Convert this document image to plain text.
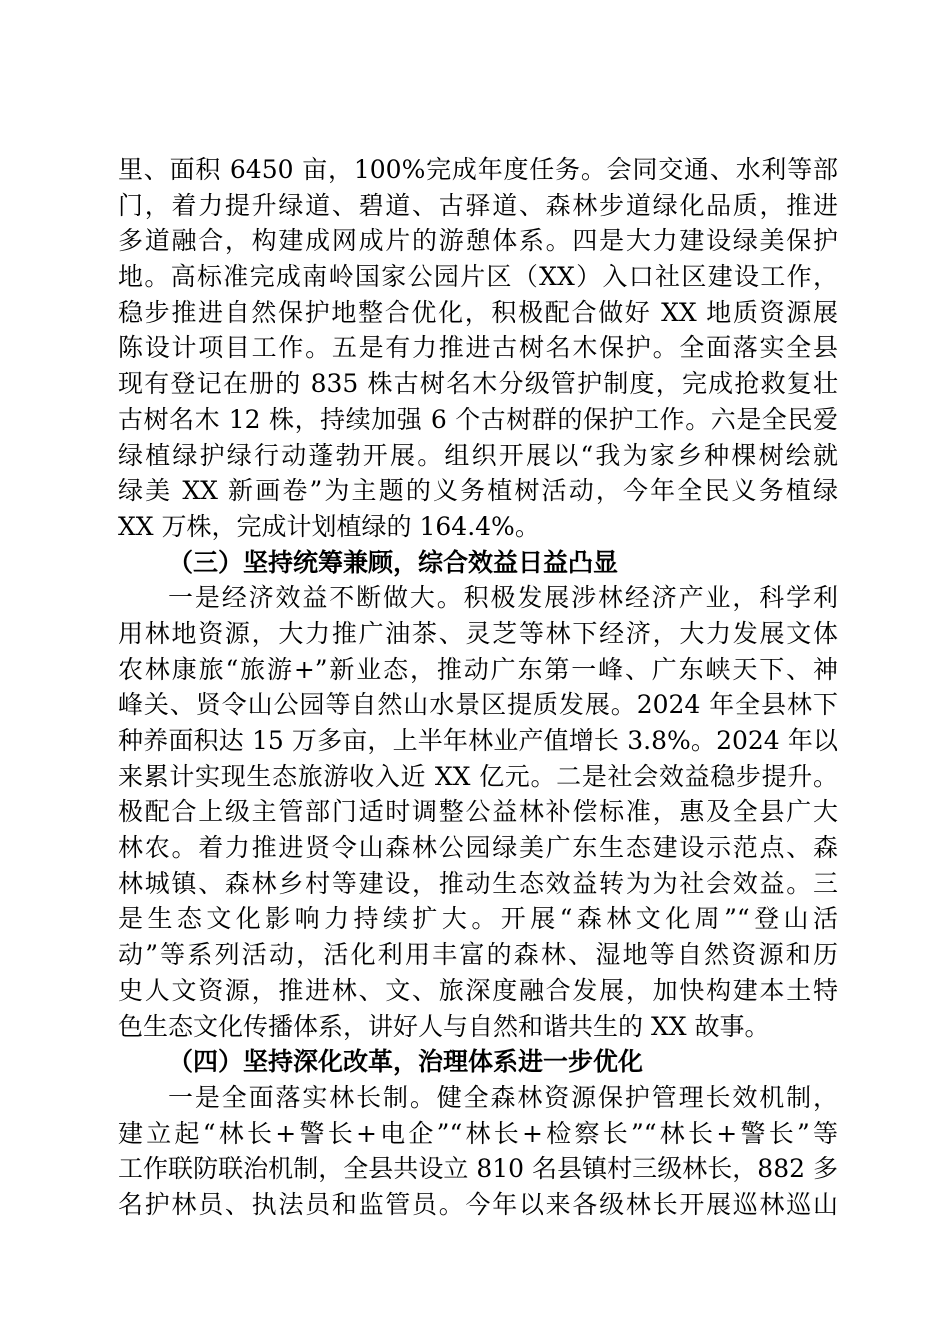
里、面积 6450 亩，100%完成年度任务。会同交通、水利等部
门，着力提升绿道、碧道、古驿道、森林步道绿化品质，推进
多道融合，构建成网成片的游憩体系。四是大力建设绿美保护
地。高标准完成南岭国家公园片区（XX）入口社区建设工作，
稳步推进自然保护地整合优化，积极配合做好 XX 地质资源展
陈设计项目工作。五是有力推进古树名木保护。全面落实全县
现有登记在册的 835 株古树名木分级管护制度，完成抢救复壮
古树名木 12 株，持续加强 6 个古树群的保护工作。六是全民爱
绿植绿护绿行动蓬勃开展。组织开展以“我为家乡种棵树绘就
绿美 XX 新画卷”为主题的义务植树活动，今年全民义务植绿
XX 万株，完成计划植绿的 164.4%。
（三）坚持统筹兼顾，综合效益日益凸显
一是经济效益不断做大。积极发展涉林经济产业，科学利
用林地资源，大力推广油茶、灵芝等林下经济，大力发展文体
农林康旅“旅游+”新业态，推动广东第一峰、广东峡天下、神
峰关、贤令山公园等自然山水景区提质发展。2024 年全县林下
种养面积达 15 万多亩，上半年林业产值增长 3.8%。2024 年以
来累计实现生态旅游收入近 XX 亿元。二是社会效益稳步提升。
极配合上级主管部门适时调整公益林补偿标准，惠及全县广大
林农。着力推进贤令山森林公园绿美广东生态建设示范点、森
林城镇、森林乡村等建设，推动生态效益转为为社会效益。三
是生态文化影响力持续扩大。开展“森林文化周”“登山活
动”等系列活动，活化利用丰富的森林、湿地等自然资源和历
史人文资源，推进林、文、旅深度融合发展，加快构建本土特
色生态文化传播体系，讲好人与自然和谐共生的 XX 故事。
（四）坚持深化改革，治理体系进一步优化
一是全面落实林长制。健全森林资源保护管理长效机制，
建立起“林长+警长+电企”“林长+检察长”“林长+警长”等
工作联防联治机制，全县共设立 810 名县镇村三级林长，882 多
名护林员、执法员和监管员。今年以来各级林长开展巡林巡山
